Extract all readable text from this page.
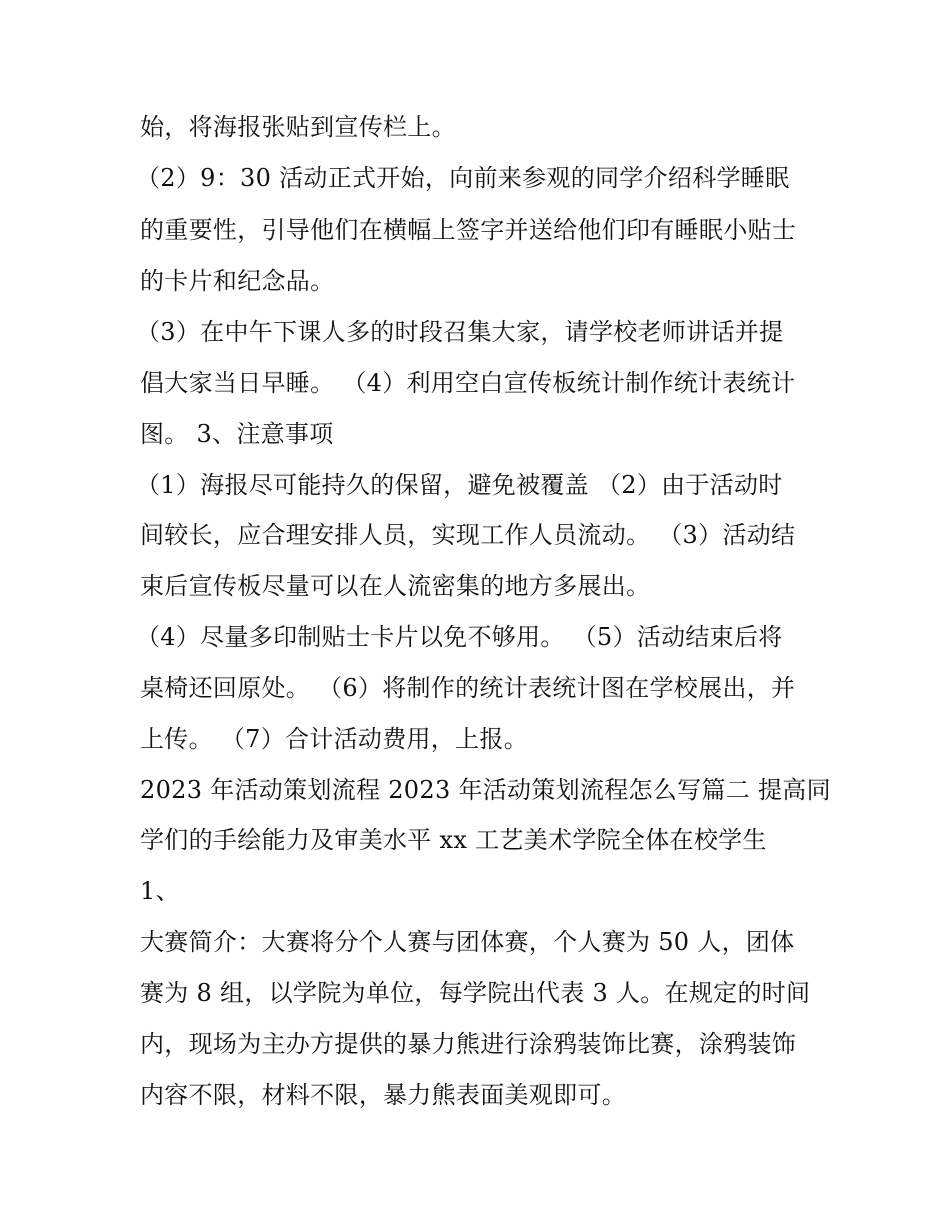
始，将海报张贴到宣传栏上。
（2）9：30 活动正式开始，向前来参观的同学介绍科学睡眠
的重要性，引导他们在横幅上签字并送给他们印有睡眠小贴士
的卡片和纪念品。
（3）在中午下课人多的时段召集大家，请学校老师讲话并提
倡大家当日早睡。 （4）利用空白宣传板统计制作统计表统计
图。 3、注意事项
（1）海报尽可能持久的保留，避免被覆盖 （2）由于活动时
间较长，应合理安排人员，实现工作人员流动。 （3）活动结
束后宣传板尽量可以在人流密集的地方多展出。
（4）尽量多印制贴士卡片以免不够用。 （5）活动结束后将
桌椅还回原处。 （6）将制作的统计表统计图在学校展出，并
上传。 （7）合计活动费用，上报。
2023 年活动策划流程 2023 年活动策划流程怎么写篇二 提高同
学们的手绘能力及审美水平 xx 工艺美术学院全体在校学生
1、
大赛简介：大赛将分个人赛与团体赛，个人赛为 50 人，团体
赛为 8 组，以学院为单位，每学院出代表 3 人。在规定的时间
内，现场为主办方提供的暴力熊进行涂鸦装饰比赛，涂鸦装饰
内容不限，材料不限，暴力熊表面美观即可。
